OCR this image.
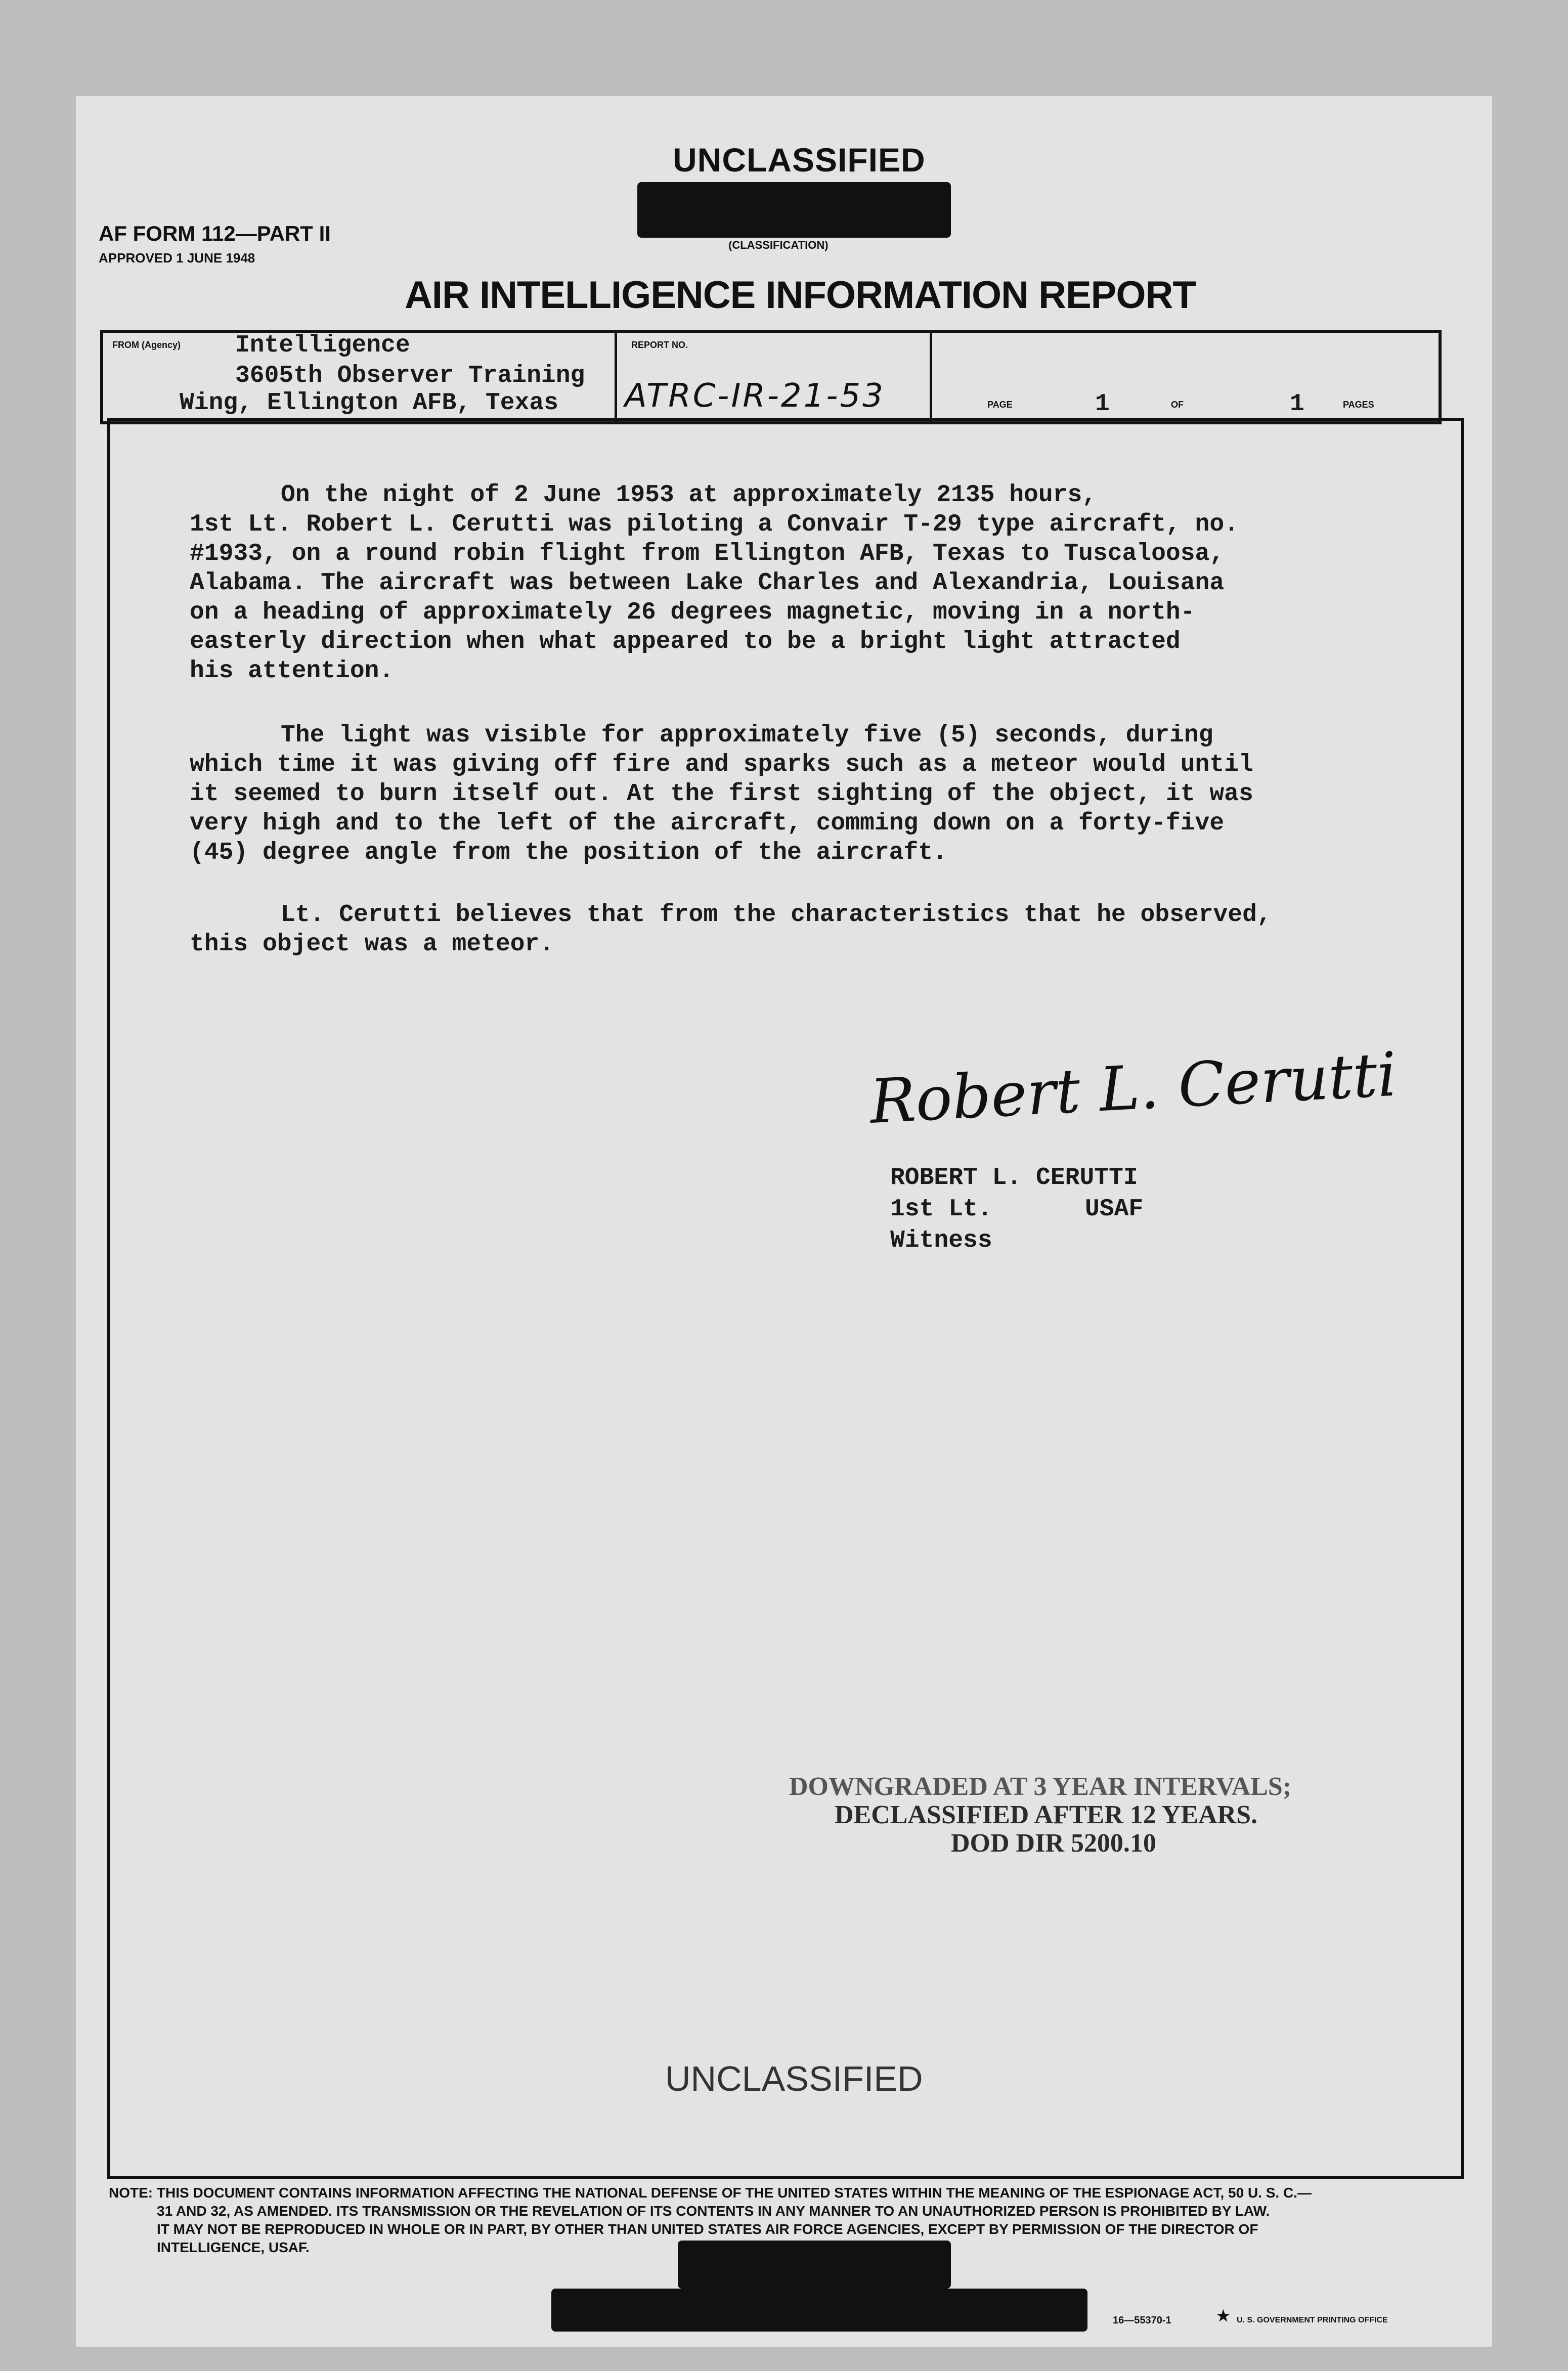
UNCLASSIFIED
(CLASSIFICATION)
AF FORM 112—PART II
APPROVED 1 JUNE 1948
AIR INTELLIGENCE INFORMATION REPORT
FROM (Agency) Intelligence
3605th Observer Training
Wing, Ellington AFB, Texas
REPORT NO.
ATRC-IR-21-53	PAGE	1	OF	1	PAGES
On the night of 2 June 1953 at approximately 2135 hours,
1st Lt. Robert L. Cerutti was piloting a Convair T-29 type aircraft, no.
#1933, on a round robin flight from Ellington AFB, Texas to Tuscaloosa,
Alabama. The aircraft was between Lake Charles and Alexandria, Louisana
on a heading of approximately 26 degrees magnetic, moving in a north-
easterly direction when what appeared to be a bright light attracted
his attention.
The light was visible for approximately five (5) seconds, during
which time it was giving off fire and sparks such as a meteor would until
it seemed to burn itself out. At the first sighting of the object, it was
very high and to the left of the aircraft, comming down on a forty-five
(45) degree angle from the position of the aircraft.
Lt. Cerutti believes that from the characteristics that he observed,
this object was a meteor.
Robert L. Cerutti
ROBERT L. CERUTTI
1st Lt.	USAF
Witness
DOWNGRADED AT 3 YEAR INTERVALS;
DECLASSIFIED AFTER 12 YEARS.
DOD DIR 5200.10
UNCLASSIFIED
NOTE: THIS DOCUMENT CONTAINS INFORMATION AFFECTING THE NATIONAL DEFENSE OF THE UNITED STATES WITHIN THE MEANING OF THE ESPIONAGE ACT, 50 U. S. C.—
31 AND 32, AS AMENDED. ITS TRANSMISSION OR THE REVELATION OF ITS CONTENTS IN ANY MANNER TO AN UNAUTHORIZED PERSON IS PROHIBITED BY LAW.
IT MAY NOT BE REPRODUCED IN WHOLE OR IN PART, BY OTHER THAN UNITED STATES AIR FORCE AGENCIES, EXCEPT BY PERMISSION OF THE DIRECTOR OF
INTELLIGENCE, USAF.
16—55370-1	★ U. S. GOVERNMENT PRINTING OFFICE
